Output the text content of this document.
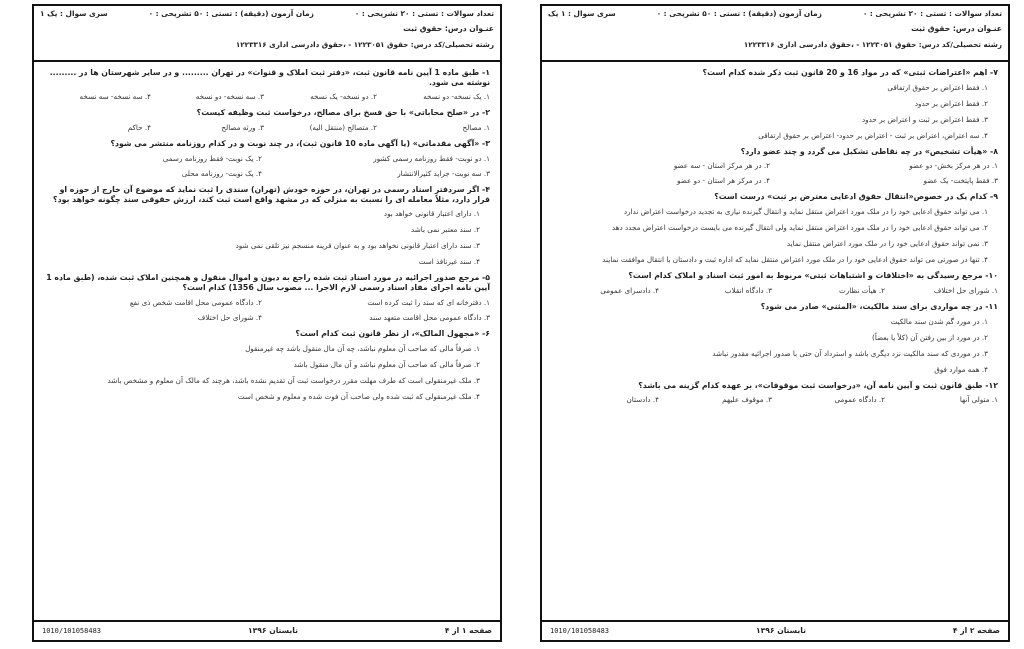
تعداد سوالات : تستی : ۲۰ تشریحی : ۰
زمان آزمون (دقیقه) : تستی : ۵۰ تشریحی : ۰
سری سوال : ۱ یک
عنـوان درس: حقوق ثبت
رشته تحصیلی/کد درس: حقوق ۱۲۲۳۰۵۱ - ،حقوق دادرسی اداری ۱۲۲۳۳۱۶
۷- اهم «اعتراضات ثبتی» که در مواد 16 و 20 قانون ثبت ذکر شده کدام است؟
۱. فقط اعتراض بر حقوق ارتفاقی
۲. فقط اعتراض بر حدود
۳. فقط اعتراض بر ثبت و اعتراض بر حدود
۴. سه اعتراض، اعتراض بر ثبت - اعتراض بر حدود- اعتراض بر حقوق ارتفاقی
۸- «هیأت تشخیص» در چه نقاطی تشکیل می گردد و چند عضو دارد؟
۱. در هر مرکز بخش- دو عضو
۲. در هر مرکز استان - سه عضو
۳. فقط پایتخت- یک عضو
۴. در مرکز هر استان - دو عضو
۹- کدام یک در خصوص«انتقال حقوق ادعایی معترض بر ثبت» درست است؟
۱. می تواند حقوق ادعایی خود را در ملک مورد اعتراض منتقل نماید و انتقال گیرنده نیازی به تجدید درخواست اعتراض ندارد
۲. می تواند حقوق ادعایی خود را در ملک مورد اعتراض منتقل نماید ولی انتقال گیرنده می بایست درخواست اعتراض مجدد دهد
۳. نمی تواند حقوق ادعایی خود را در ملک مورد اعتراض منتقل نماید
۴. تنها در صورتی می تواند حقوق ادعایی خود را در ملک مورد اعتراض منتقل نماید که اداره ثبت و دادستان با انتقال موافقت نمایند
۱۰- مرجع رسیدگی به «اختلافات و اشتباهات ثبتی» مربوط به امور ثبت اسناد و املاک کدام است؟
۱. شورای حل اختلاف
۲. هیأت نظارت
۳. دادگاه انقلاب
۴. دادسرای عمومی
۱۱- در چه مواردی برای سند مالکیت، «المثنی» صادر می شود؟
۱. در مورد گم شدن سند مالکیت
۲. در مورد از بین رفتن آن (کلاً یا بعضاً)
۳. در موردی که سند مالکیت نزد دیگری باشد و استرداد آن حتی با صدور اجرائیه مقدور نباشد
۴. همه موارد فوق
۱۲- طبق قانون ثبت و آیین نامه آن، «درخواست ثبت موقوفات»، بر عهده کدام گزینه می باشد؟
۱. متولی آنها
۲. دادگاه عمومی
۳. موقوف علیهم
۴. دادستان
صفحه ۲ از ۴
تابستان ۱۳۹۶
1010/101058483
تعداد سوالات : تستی : ۲۰ تشریحی : ۰
زمان آزمون (دقیقه) : تستی : ۵۰ تشریحی : ۰
سری سوال : یک ۱
عنـوان درس: حقوق ثبت
رشته تحصیلی/کد درس: حقوق ۱۲۲۳۰۵۱ - ،حقوق دادرسی اداری ۱۲۲۳۳۱۶
۱- طبق ماده 1 آیین نامه قانون ثبت، «دفتر ثبت املاک و قنوات» در تهران ......... و در سایر شهرستان ها در ......... نوشته می شود.
۱. یک نسخه- دو نسخه
۲. دو نسخه- یک نسخه
۳. سه نسخه- دو نسخه
۴. سه نسخه- سه نسخه
۲- در «صلح محاباتی» با حق فسخ برای مصالح، درخواست ثبت وظیفه کیست؟
۱. مصالح
۲. متصالح (منتقل الیه)
۳. ورثه مصالح
۴. حاکم
۳- «آگهی مقدماتی» (یا آگهی ماده 10 قانون ثبت)، در چند نوبت و در کدام روزنامه منتشر می شود؟
۱. دو نوبت- فقط روزنامه رسمی کشور
۲. یک نوبت- فقط روزنامه رسمی
۳. سه نوبت- جراید کثیرالانتشار
۴. یک نوبت- روزنامه محلی
۴- اگر سردفتر اسناد رسمی در تهران، در حوزه خودش (تهران) سندی را ثبت نماید که موضوع آن خارج از حوزه او قرار دارد، مثلاً معامله ای را نسبت به منزلی که در مشهد واقع است ثبت کند، ارزش حقوقی سند چگونه خواهد بود؟
۱. دارای اعتبار قانونی خواهد بود
۲. سند معتبر نمی باشد
۳. سند دارای اعتبار قانونی نخواهد بود و به عنوان قرینه منسجم نیز تلقی نمی شود
۴. سند غیرنافذ است
۵- مرجع صدور اجرائیه در مورد اسناد ثبت شده راجع به دیون و اموال منقول و همچنین املاک ثبت شده، (طبق ماده 1 آیین نامه اجرای مفاد اسناد رسمی لازم الاجرا ... مصوب سال 1356) کدام است؟
۱. دفترخانه ای که سند را ثبت کرده است
۲. دادگاه عمومی محل اقامت شخص ذی نفع
۳. دادگاه عمومی محل اقامت متعهد سند
۴. شورای حل اختلاف
۶- «مجهول المالک»، از نظر قانون ثبت کدام است؟
۱. صرفاً مالی که صاحب آن معلوم نباشد، چه آن مال منقول باشد چه غیرمنقول
۲. صرفاً مالی که صاحب آن معلوم نباشد و آن مال منقول باشد
۳. ملک غیرمنقولی است که طرف مهلت مقرر درخواست ثبت آن تقدیم نشده باشد، هرچند که مالک آن معلوم و مشخص باشد
۴. ملک غیرمنقولی که ثبت شده ولی صاحب آن فوت شده و معلوم و شخص است
صفحه ۱ از ۴
تابستان ۱۳۹۶
1010/101058483
